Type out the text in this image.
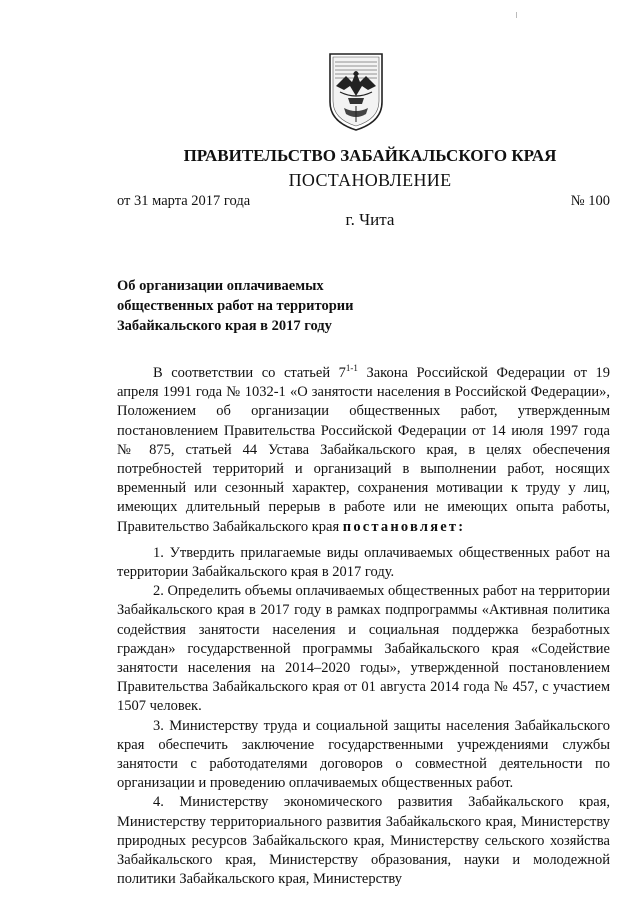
ПРАВИТЕЛЬСТВО ЗАБАЙКАЛЬСКОГО КРАЯ
ПОСТАНОВЛЕНИЕ
от 31 марта 2017 года	№ 100
г. Чита
Об организации оплачиваемых
общественных работ на территории
Забайкальского края в 2017 году

В соответствии со статьей 7$^{1-1}$ Закона Российской Федерации от 19 апреля 1991 года № 1032-1 «О занятости населения в Российской Федерации», Положением об организации общественных работ, утвержденным постановлением Правительства Российской Федерации от 14 июля 1997 года № 875, статьей 44 Устава Забайкальского края, в целях обеспечения потребностей территорий и организаций в выполнении работ, носящих временный или сезонный характер, сохранения мотивации к труду у лиц, имеющих длительный перерыв в работе или не имеющих опыта работы, Правительство Забайкальского края постановляет:

1. Утвердить прилагаемые виды оплачиваемых общественных работ на территории Забайкальского края в 2017 году.

2. Определить объемы оплачиваемых общественных работ на территории Забайкальского края в 2017 году в рамках подпрограммы «Активная политика содействия занятости населения и социальная поддержка безработных граждан» государственной программы Забайкальского края «Содействие занятости населения на 2014–2020 годы», утвержденной постановлением Правительства Забайкальского края от 01 августа 2014 года № 457, с участием 1507 человек.

3. Министерству труда и социальной защиты населения Забайкальского края обеспечить заключение государственными учреждениями службы занятости с работодателями договоров о совместной деятельности по организации и проведению оплачиваемых общественных работ.

4. Министерству экономического развития Забайкальского края, Министерству территориального развития Забайкальского края, Министерству природных ресурсов Забайкальского края, Министерству сельского хозяйства Забайкальского края, Министерству образования, науки и молодежной политики Забайкальского края, Министерству
